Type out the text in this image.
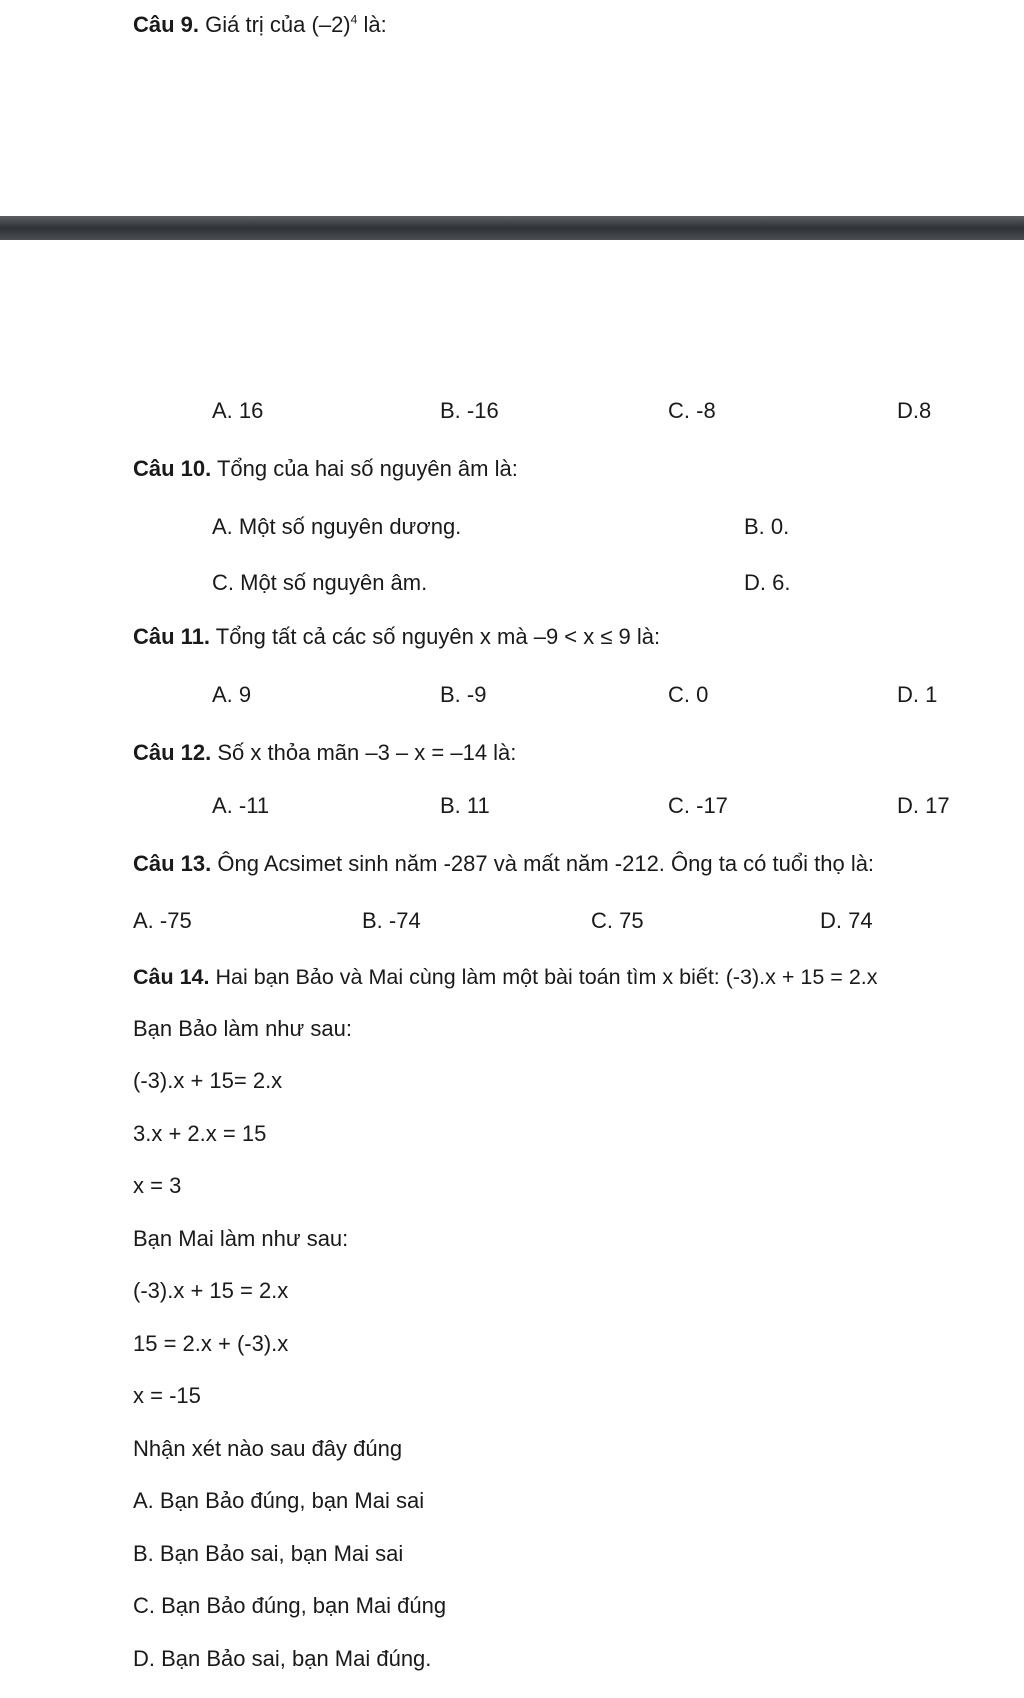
Câu 9. Giá trị của $(-2)^4$ là:
A. 16	B. -16	C. -8	D.8
Câu 10. Tổng của hai số nguyên âm là:
A. Một số nguyên dương.	B. 0.
C. Một số nguyên âm.	D. 6.
Câu 11. Tổng tất cả các số nguyên x mà –9 < x ≤ 9 là:
A. 9	B. -9	C. 0	D. 1
Câu 12. Số x thỏa mãn –3 – x = –14 là:
A. -11	B. 11	C. -17	D. 17
Câu 13. Ông Acsimet sinh năm -287 và mất năm -212. Ông ta có tuổi thọ là:
A. -75	B. -74	C. 75	D. 74
Câu 14. Hai bạn Bảo và Mai cùng làm một bài toán tìm x biết: (-3).x + 15 = 2.x
Bạn Bảo làm như sau:
(-3).x + 15= 2.x
3.x + 2.x = 15
x = 3
Bạn Mai làm như sau:
(-3).x + 15 = 2.x
15 = 2.x + (-3).x
x = -15
Nhận xét nào sau đây đúng
A. Bạn Bảo đúng, bạn Mai sai
B. Bạn Bảo sai, bạn Mai sai
C. Bạn Bảo đúng, bạn Mai đúng
D. Bạn Bảo sai, bạn Mai đúng.
